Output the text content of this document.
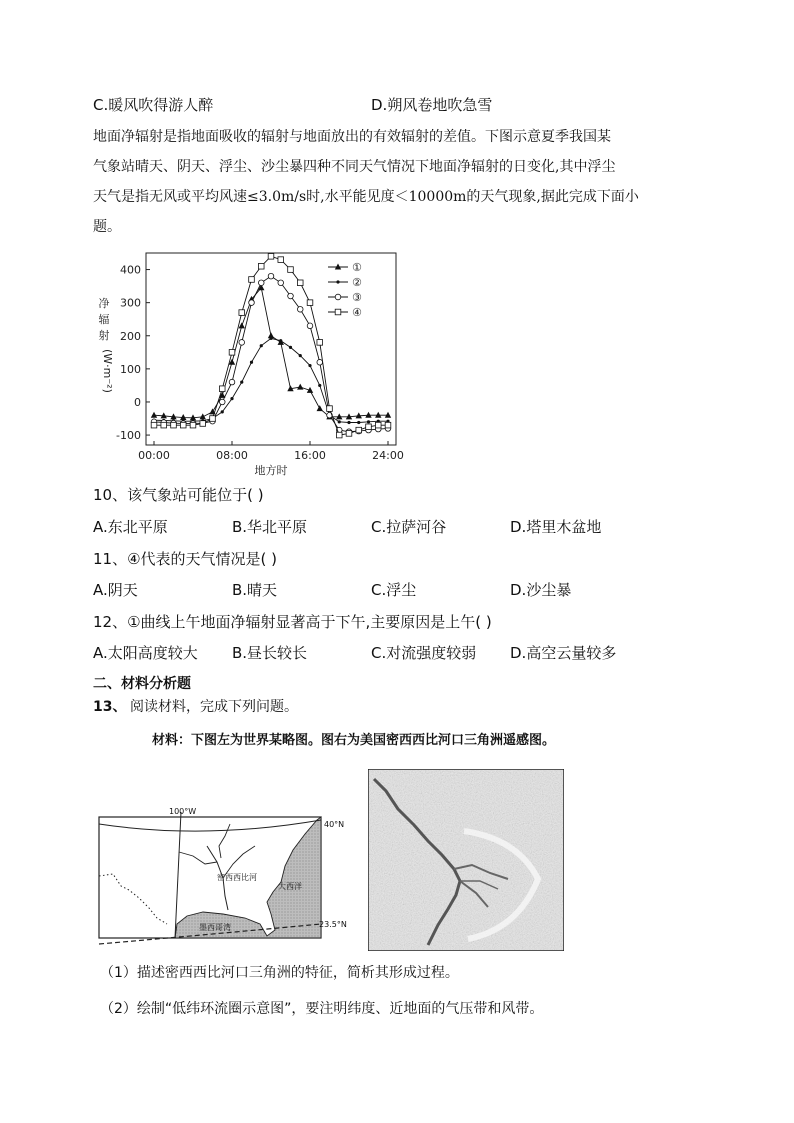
C.暖风吹得游人醉	D.朔风卷地吹急雪
地面净辐射是指地面吸收的辐射与地面放出的有效辐射的差值。下图示意夏季我国某
气象站晴天、阴天、浮尘、沙尘暴四种不同天气情况下地面净辐射的日变化,其中浮尘
天气是指无风或平均风速≤3.0m/s时,水平能见度＜10000m的天气现象,据此完成下面小
题。
净
辐
射
(W·m⁻²)
400
300
200
100
0
-100
00:00	08:00	16:00	24:00
①
②
③
④
地方时
10、该气象站可能位于( )
A.东北平原	B.华北平原	C.拉萨河谷	D.塔里木盆地
11、④代表的天气情况是( )
A.阴天	B.晴天	C.浮尘	D.沙尘暴
12、①曲线上午地面净辐射显著高于下午,主要原因是上午( )
A.太阳高度较大 B.昼长较长	C.对流强度较弱 D.高空云量较多
二、材料分析题
13、 阅读材料，完成下列问题。
材料：下图左为世界某略图。图右为美国密西西比河口三角洲遥感图。
100°W
40°N
23.5°N
密西西比河
大西洋
墨西哥湾
（1）描述密西西比河口三角洲的特征，简析其形成过程。
（2）绘制“低纬环流圈示意图”，要注明纬度、近地面的气压带和风带。
